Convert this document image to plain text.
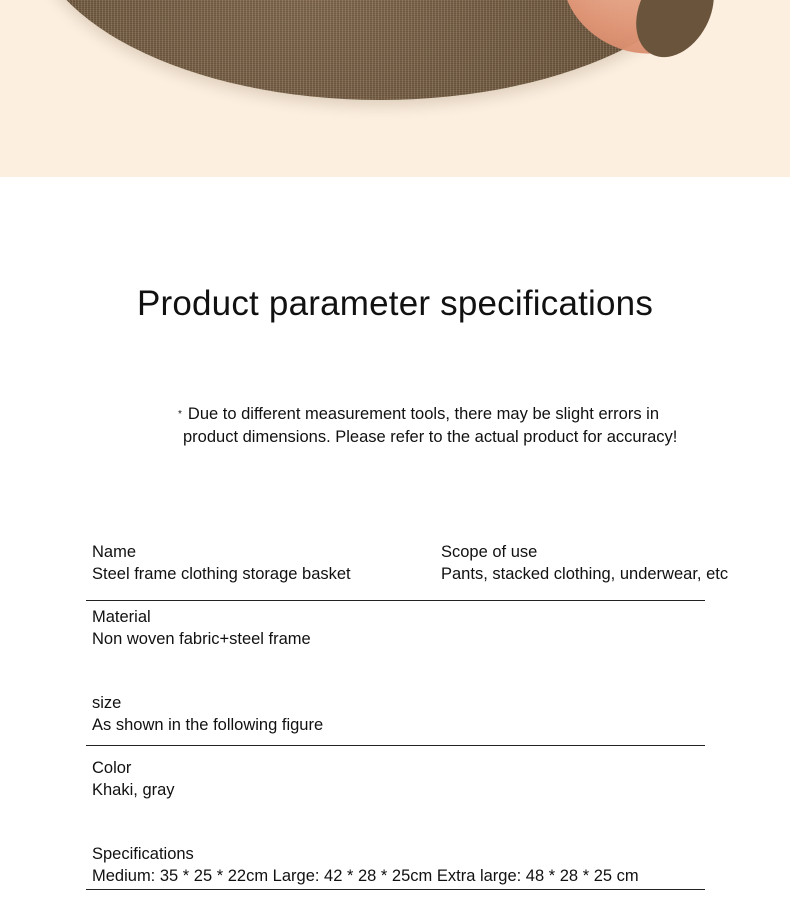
Product parameter specifications
* Due to different measurement tools, there may be slight errors in
product dimensions. Please refer to the actual product for accuracy!
Name
Steel frame clothing storage basket
Scope of use
Pants, stacked clothing, underwear, etc
Material
Non woven fabric+steel frame
size
As shown in the following figure
Color
Khaki, gray
Specifications
Medium: 35 * 25 * 22cm Large: 42 * 28 * 25cm Extra large: 48 * 28 * 25 cm
